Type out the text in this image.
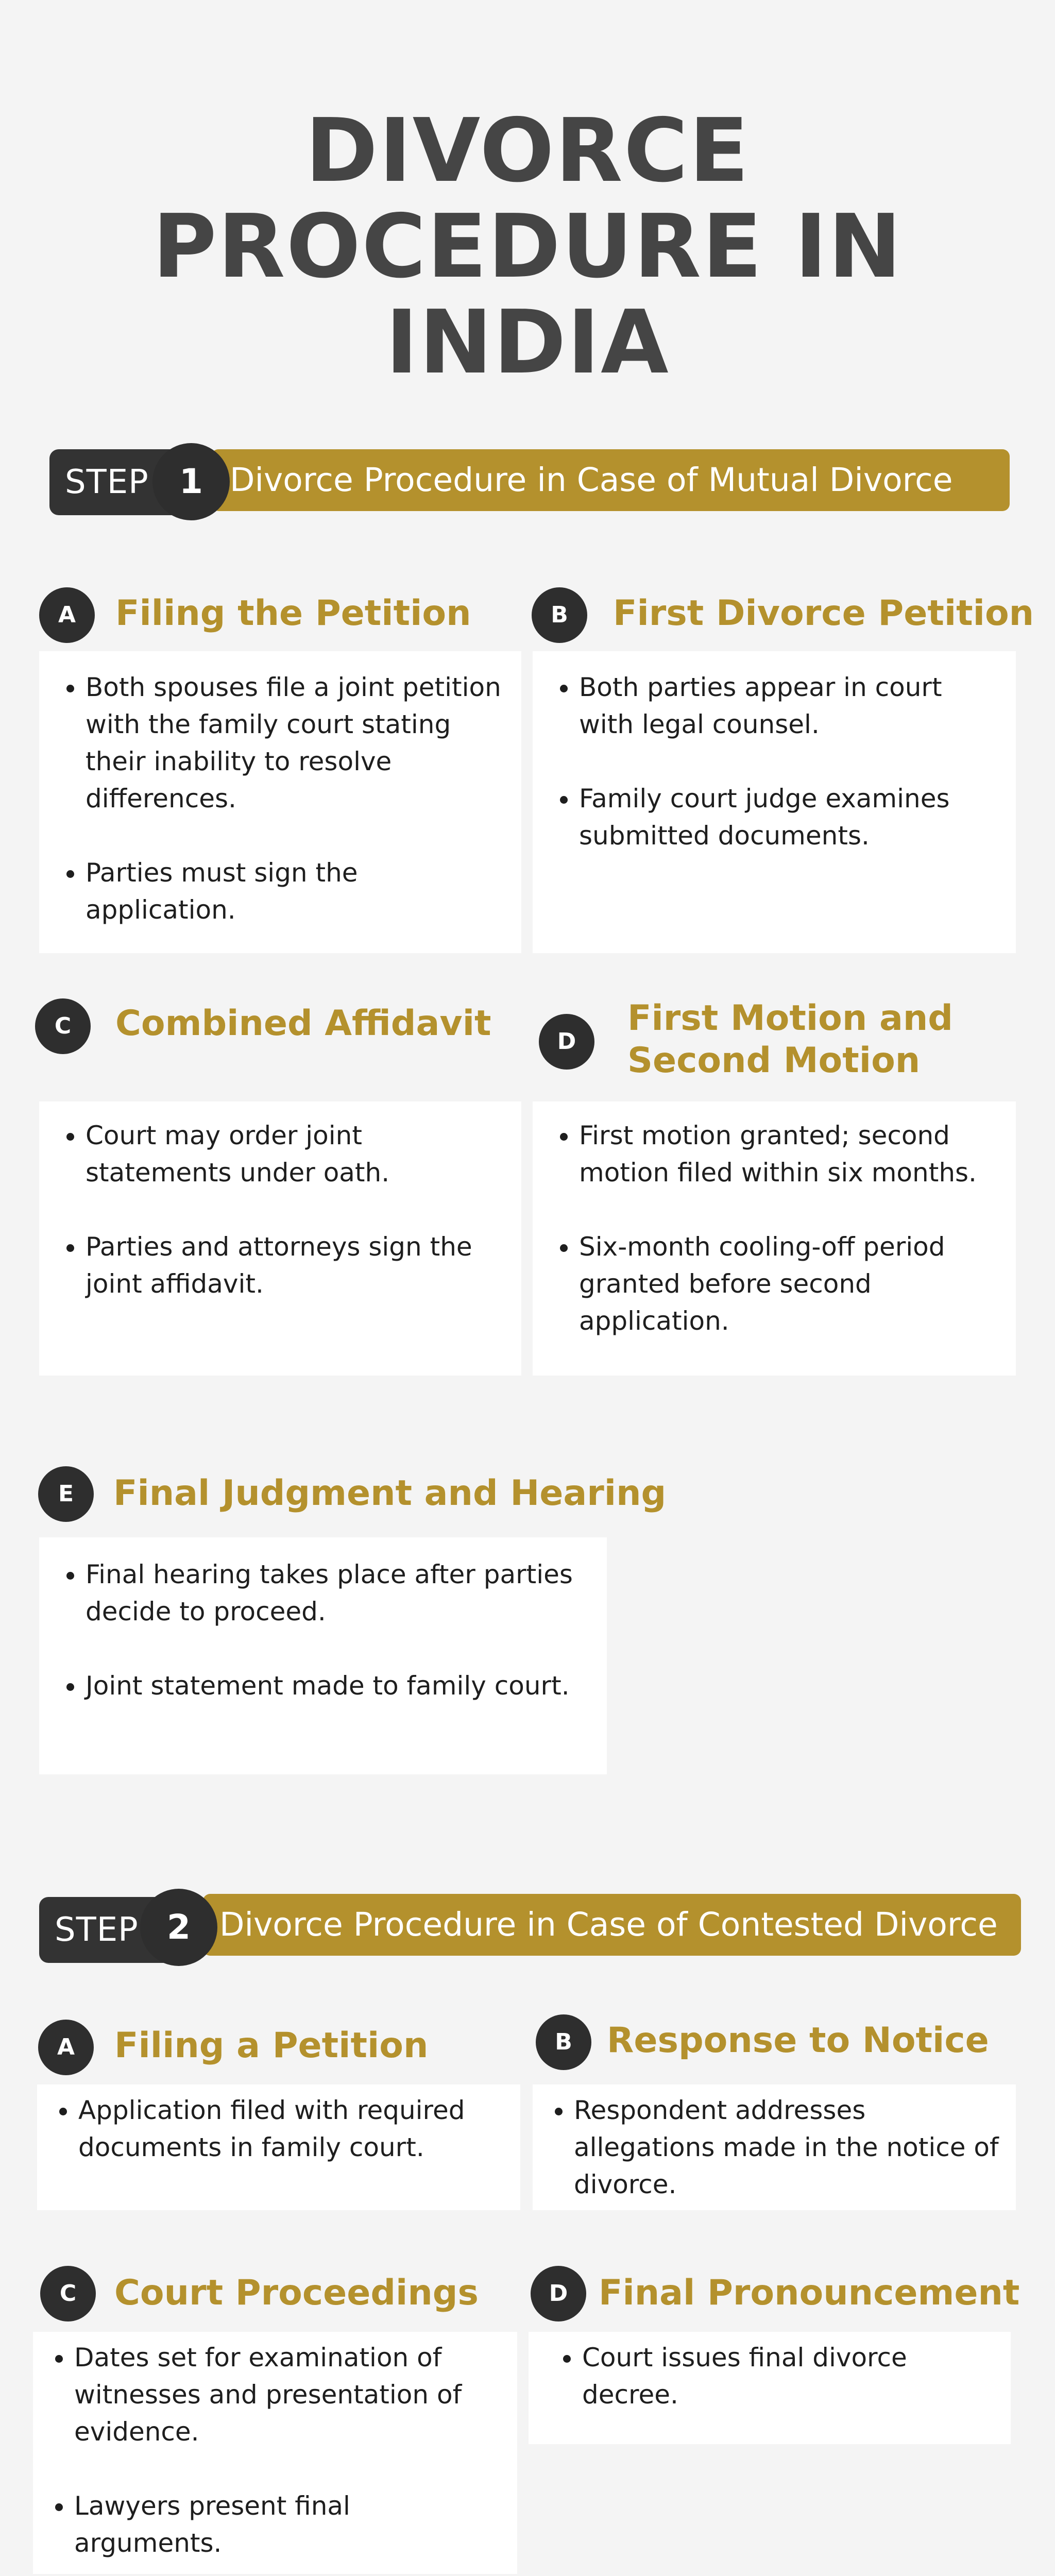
DIVORCE
PROCEDURE IN
INDIA
Divorce Procedure in Case of Mutual Divorce
STEP 1
A	Filing the Petition
• Both spouses file a joint petition with the family court stating their inability to resolve differences.
• Parties must sign the application.
B	First Divorce Petition
• Both parties appear in court with legal counsel.
• Family court judge examines submitted documents.
C	Combined Affidavit
• Court may order joint statements under oath.
• Parties and attorneys sign the joint affidavit.
D
First Motion and
Second Motion
• First motion granted; second motion filed within six months.
• Six-month cooling-off period granted before second application.
E	Final Judgment and Hearing
• Final hearing takes place after parties decide to proceed.
• Joint statement made to family court.
Divorce Procedure in Case of Contested Divorce
STEP 2
A	Filing a Petition
• Application filed with required documents in family court.
B Response to Notice
• Respondent addresses allegations made in the notice of divorce.
C	Court Proceedings
• Dates set for examination of witnesses and presentation of evidence.
• Lawyers present final arguments.
D Final Pronouncement
• Court issues final divorce decree.
